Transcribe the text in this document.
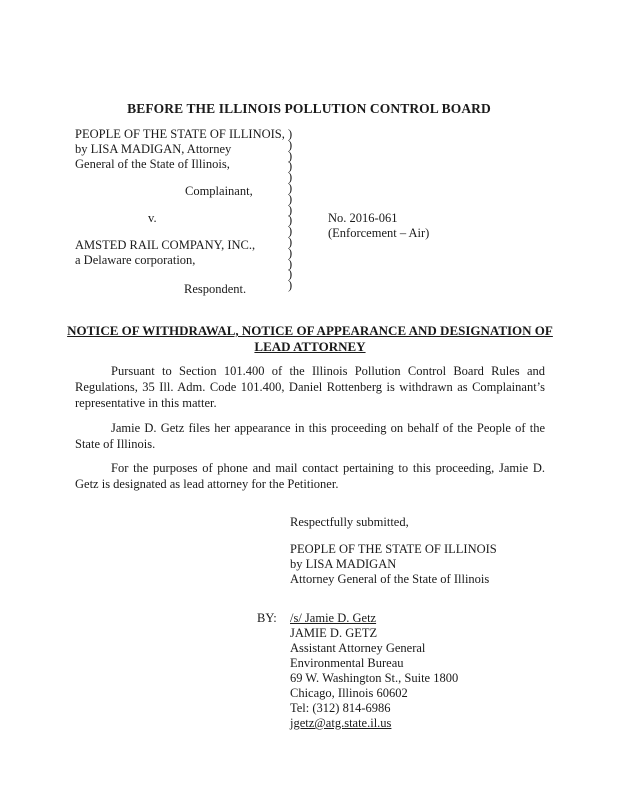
BEFORE THE ILLINOIS POLLUTION CONTROL BOARD
PEOPLE OF THE STATE OF ILLINOIS,
by LISA MADIGAN, Attorney
General of the State of Illinois,
Complainant,
v.
AMSTED RAIL COMPANY, INC.,
a Delaware corporation,
Respondent.
)
)
)
)
)
)
)
)
)
)
)
)
)
)
)
No. 2016-061
(Enforcement – Air)
NOTICE OF WITHDRAWAL, NOTICE OF APPEARANCE AND DESIGNATION OF LEAD ATTORNEY
Pursuant to Section 101.400 of the Illinois Pollution Control Board Rules and Regulations, 35 Ill. Adm. Code 101.400, Daniel Rottenberg is withdrawn as Complainant’s representative in this matter.
Jamie D. Getz files her appearance in this proceeding on behalf of the People of the State of Illinois.
For the purposes of phone and mail contact pertaining to this proceeding, Jamie D. Getz is designated as lead attorney for the Petitioner.
Respectfully submitted,
PEOPLE OF THE STATE OF ILLINOIS
by LISA MADIGAN
Attorney General of the State of Illinois
BY: /s/ Jamie D. Getz
JAMIE D. GETZ
Assistant Attorney General
Environmental Bureau
69 W. Washington St., Suite 1800
Chicago, Illinois 60602
Tel: (312) 814-6986
jgetz@atg.state.il.us
